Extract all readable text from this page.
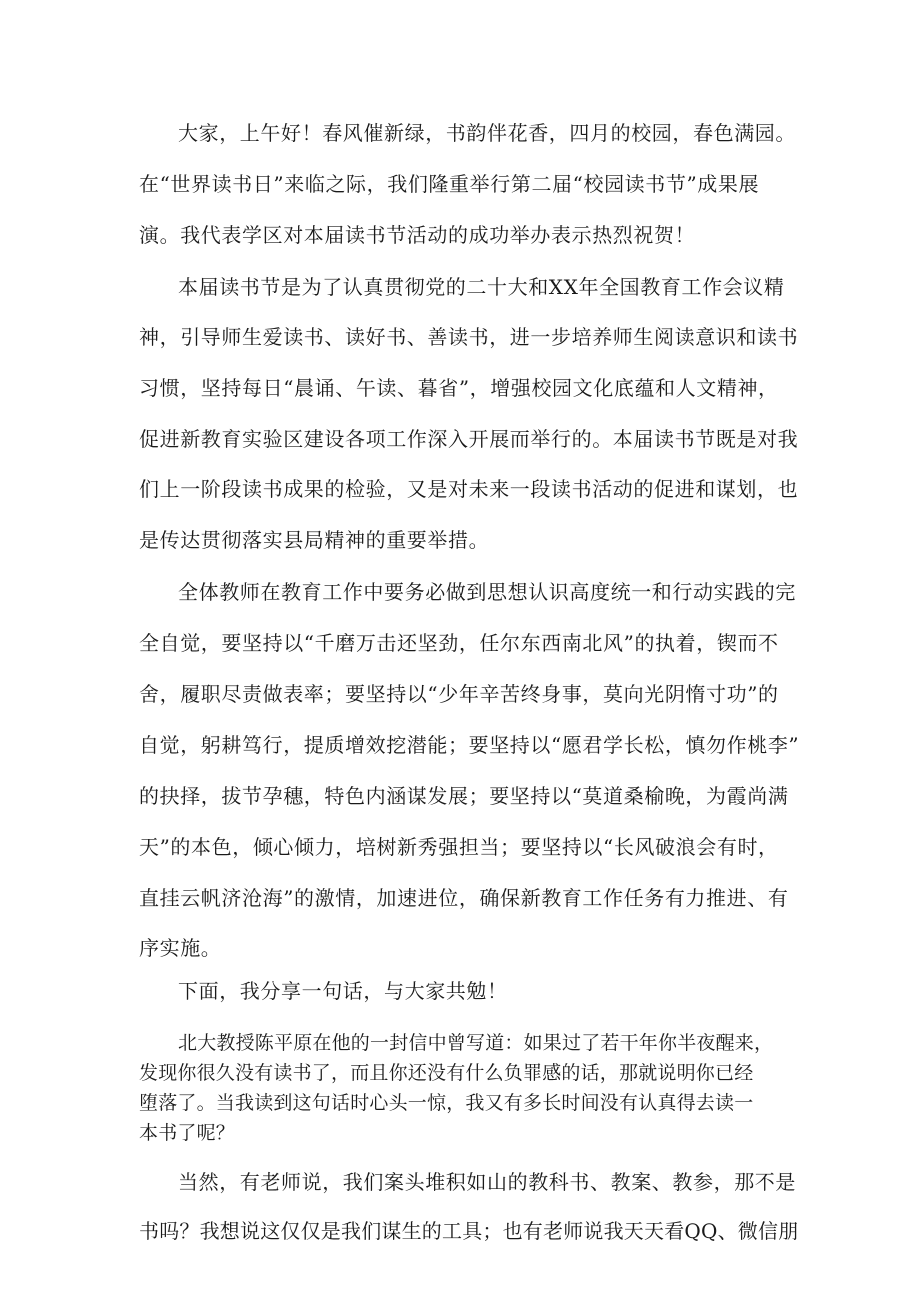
大家，上午好！春风催新绿，书韵伴花香，四月的校园，春色满园。

在“世界读书日”来临之际，我们隆重举行第二届“校园读书节”成果展

演。我代表学区对本届读书节活动的成功举办表示热烈祝贺！

本届读书节是为了认真贯彻党的二十大和XX年全国教育工作会议精

神，引导师生爱读书、读好书、善读书，进一步培养师生阅读意识和读书

习惯，坚持每日“晨诵、午读、暮省”，增强校园文化底蕴和人文精神，

促进新教育实验区建设各项工作深入开展而举行的。本届读书节既是对我

们上一阶段读书成果的检验，又是对未来一段读书活动的促进和谋划，也

是传达贯彻落实县局精神的重要举措。

全体教师在教育工作中要务必做到思想认识高度统一和行动实践的完

全自觉，要坚持以“千磨万击还坚劲，任尔东西南北风”的执着，锲而不

舍，履职尽责做表率；要坚持以“少年辛苦终身事，莫向光阴惰寸功”的

自觉，躬耕笃行，提质增效挖潜能；要坚持以“愿君学长松，慎勿作桃李”

的抉择，拔节孕穗，特色内涵谋发展；要坚持以“莫道桑榆晚，为霞尚满

天”的本色，倾心倾力，培树新秀强担当；要坚持以“长风破浪会有时，

直挂云帆济沧海”的激情，加速进位，确保新教育工作任务有力推进、有

序实施。

下面，我分享一句话，与大家共勉！

北大教授陈平原在他的一封信中曾写道：如果过了若干年你半夜醒来，

发现你很久没有读书了，而且你还没有什么负罪感的话，那就说明你已经

堕落了。当我读到这句话时心头一惊，我又有多长时间没有认真得去读一

本书了呢？

当然，有老师说，我们案头堆积如山的教科书、教案、教参，那不是

书吗？我想说这仅仅是我们谋生的工具；也有老师说我天天看QQ、微信朋
